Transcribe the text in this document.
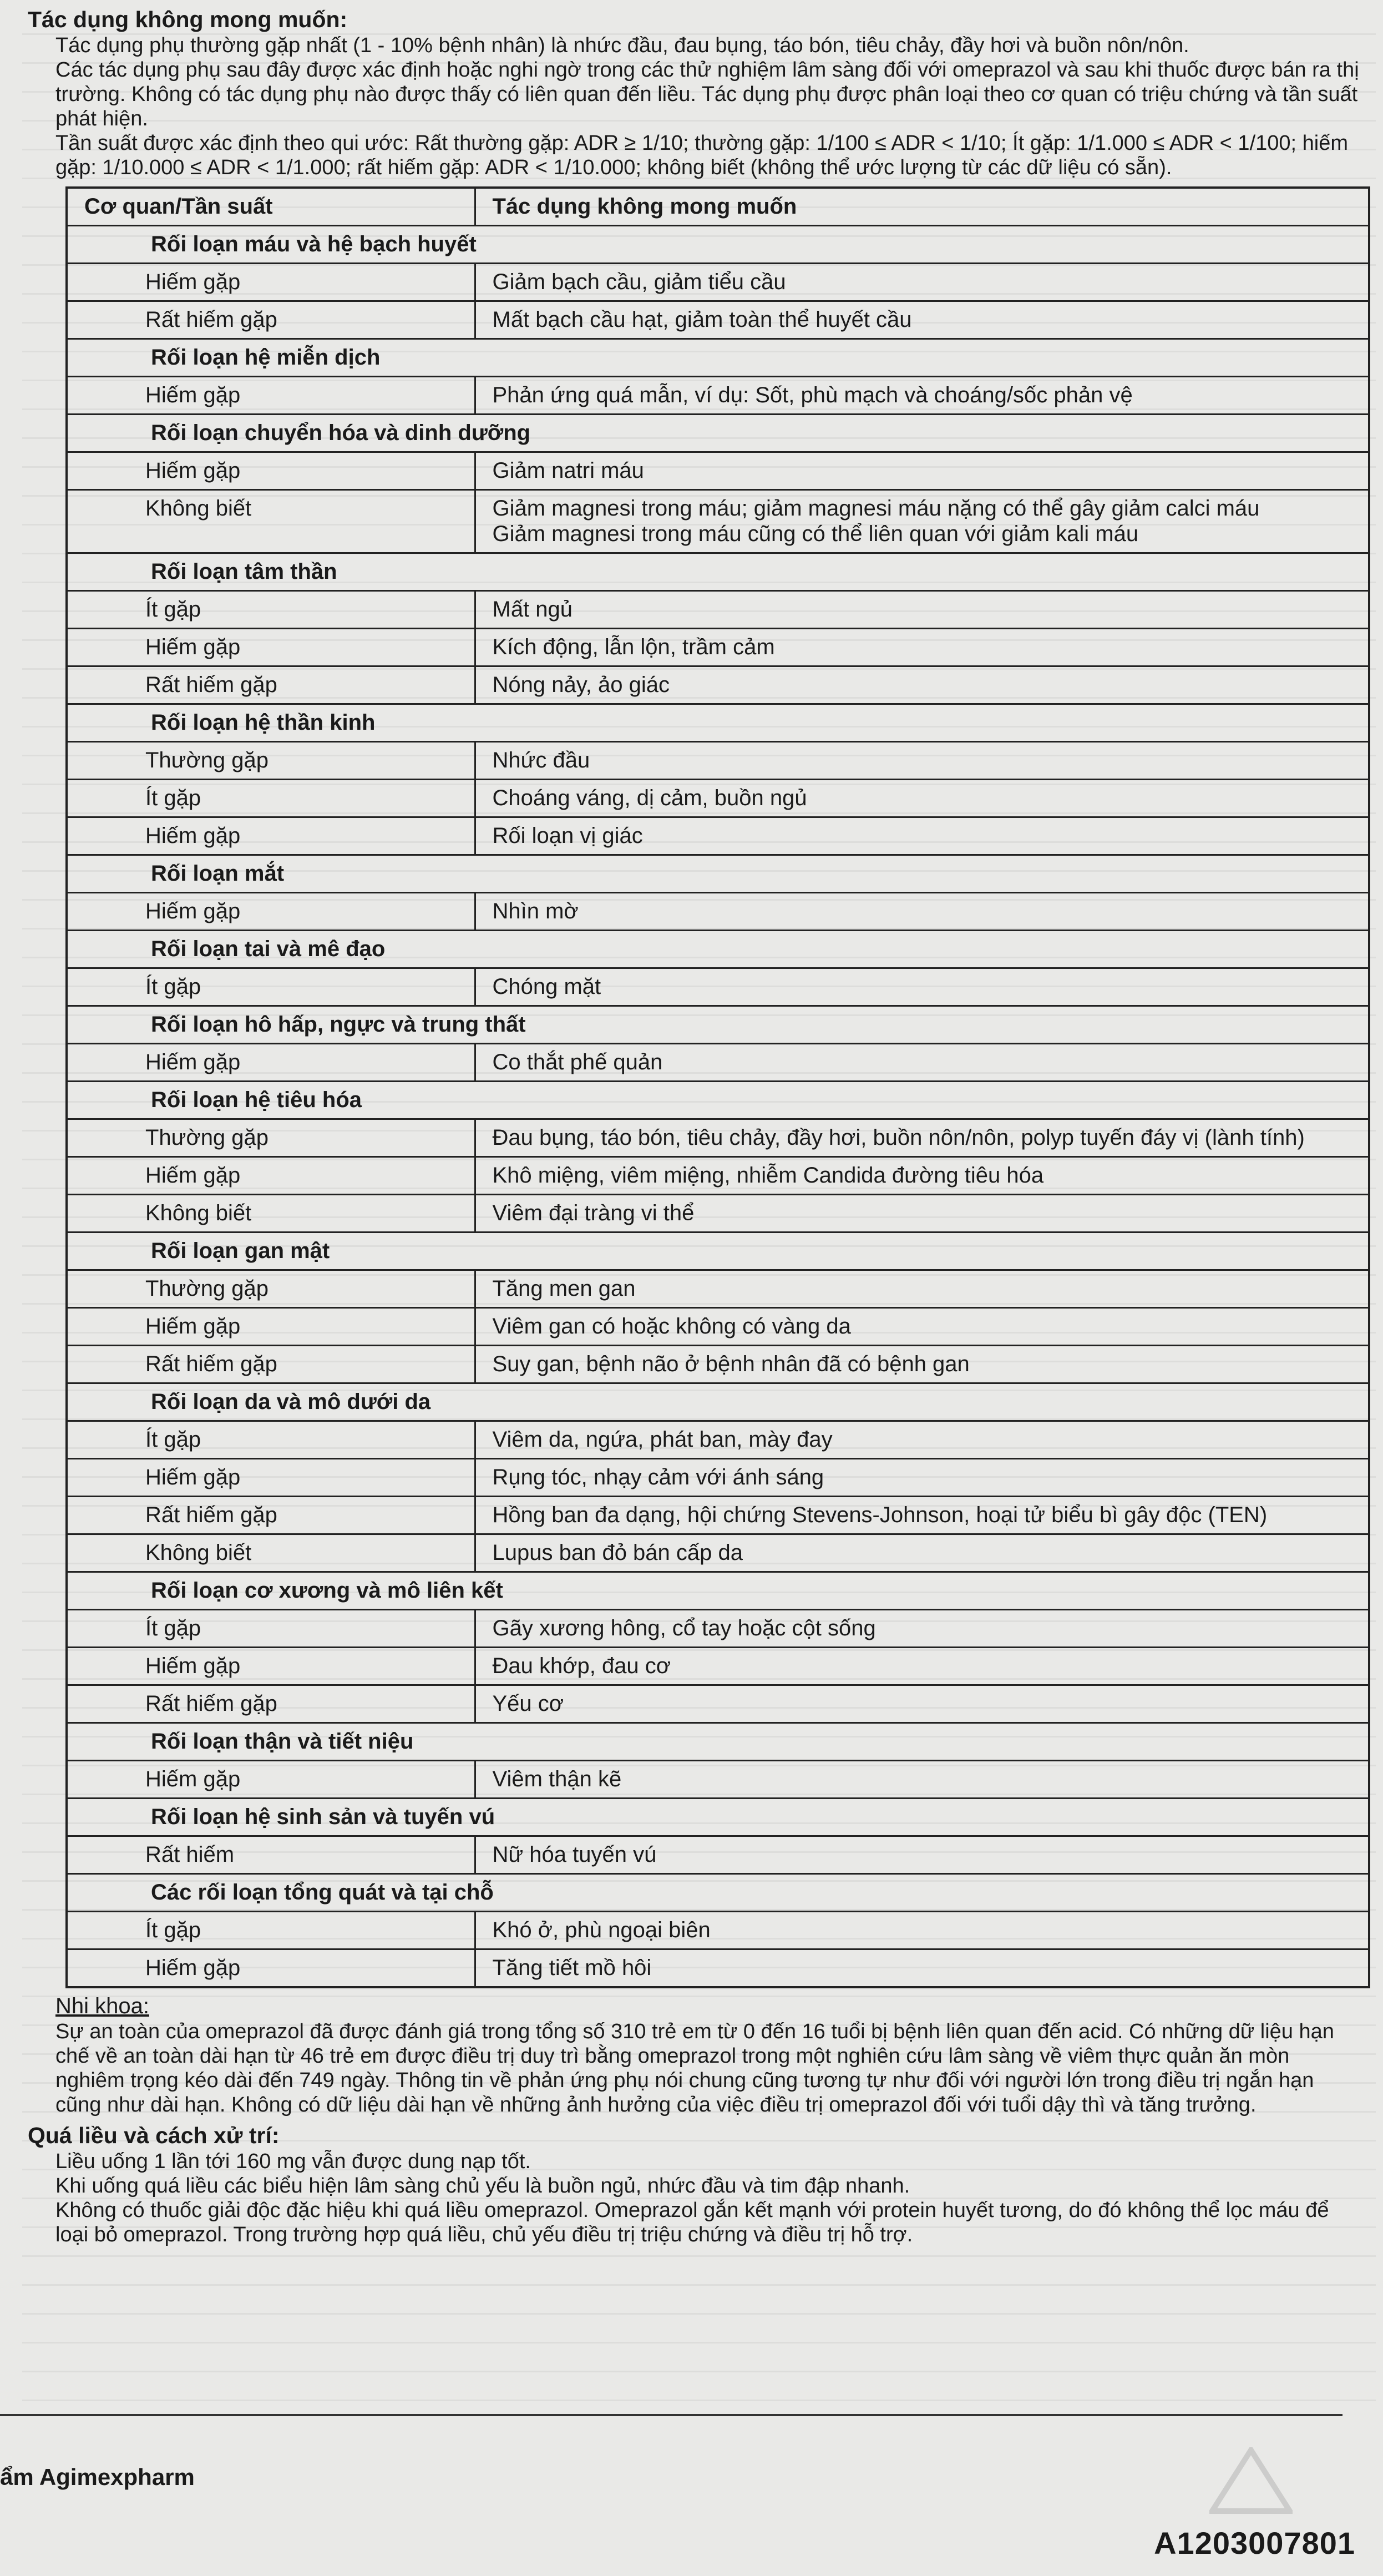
Tác dụng không mong muốn:

Tác dụng phụ thường gặp nhất (1 - 10% bệnh nhân) là nhức đầu, đau bụng, táo bón, tiêu chảy, đầy hơi và buồn nôn/nôn.

Các tác dụng phụ sau đây được xác định hoặc nghi ngờ trong các thử nghiệm lâm sàng đối với omeprazol và sau khi thuốc được bán ra thị trường. Không có tác dụng phụ nào được thấy có liên quan đến liều. Tác dụng phụ được phân loại theo cơ quan có triệu chứng và tần suất phát hiện.

Tần suất được xác định theo qui ước: Rất thường gặp: ADR ≥ 1/10; thường gặp: 1/100 ≤ ADR < 1/10; Ít gặp: 1/1.000 ≤ ADR < 1/100; hiếm gặp: 1/10.000 ≤ ADR < 1/1.000; rất hiếm gặp: ADR < 1/10.000; không biết (không thể ước lượng từ các dữ liệu có sẵn).

Cơ quan/Tần suất	Tác dụng không mong muốn
Rối loạn máu và hệ bạch huyết	
Hiếm gặp	Giảm bạch cầu, giảm tiểu cầu
Rất hiếm gặp	Mất bạch cầu hạt, giảm toàn thể huyết cầu
Rối loạn hệ miễn dịch	
Hiếm gặp	Phản ứng quá mẫn, ví dụ: Sốt, phù mạch và choáng/sốc phản vệ
Rối loạn chuyển hóa và dinh dưỡng	
Hiếm gặp	Giảm natri máu
Không biết	Giảm magnesi trong máu; giảm magnesi máu nặng có thể gây giảm calci máu
Giảm magnesi trong máu cũng có thể liên quan với giảm kali máu
Rối loạn tâm thần	
Ít gặp	Mất ngủ
Hiếm gặp	Kích động, lẫn lộn, trầm cảm
Rất hiếm gặp	Nóng nảy, ảo giác
Rối loạn hệ thần kinh	
Thường gặp	Nhức đầu
Ít gặp	Choáng váng, dị cảm, buồn ngủ
Hiếm gặp	Rối loạn vị giác
Rối loạn mắt	
Hiếm gặp	Nhìn mờ
Rối loạn tai và mê đạo	
Ít gặp	Chóng mặt
Rối loạn hô hấp, ngực và trung thất	
Hiếm gặp	Co thắt phế quản
Rối loạn hệ tiêu hóa	
Thường gặp	Đau bụng, táo bón, tiêu chảy, đầy hơi, buồn nôn/nôn, polyp tuyến đáy vị (lành tính)
Hiếm gặp	Khô miệng, viêm miệng, nhiễm Candida đường tiêu hóa
Không biết	Viêm đại tràng vi thể
Rối loạn gan mật	
Thường gặp	Tăng men gan
Hiếm gặp	Viêm gan có hoặc không có vàng da
Rất hiếm gặp	Suy gan, bệnh não ở bệnh nhân đã có bệnh gan
Rối loạn da và mô dưới da	
Ít gặp	Viêm da, ngứa, phát ban, mày đay
Hiếm gặp	Rụng tóc, nhạy cảm với ánh sáng
Rất hiếm gặp	Hồng ban đa dạng, hội chứng Stevens-Johnson, hoại tử biểu bì gây độc (TEN)
Không biết	Lupus ban đỏ bán cấp da
Rối loạn cơ xương và mô liên kết	
Ít gặp	Gãy xương hông, cổ tay hoặc cột sống
Hiếm gặp	Đau khớp, đau cơ
Rất hiếm gặp	Yếu cơ
Rối loạn thận và tiết niệu	
Hiếm gặp	Viêm thận kẽ
Rối loạn hệ sinh sản và tuyến vú	
Rất hiếm	Nữ hóa tuyến vú
Các rối loạn tổng quát và tại chỗ	
Ít gặp	Khó ở, phù ngoại biên
Hiếm gặp	Tăng tiết mồ hôi

Nhi khoa:

Sự an toàn của omeprazol đã được đánh giá trong tổng số 310 trẻ em từ 0 đến 16 tuổi bị bệnh liên quan đến acid. Có những dữ liệu hạn chế về an toàn dài hạn từ 46 trẻ em được điều trị duy trì bằng omeprazol trong một nghiên cứu lâm sàng về viêm thực quản ăn mòn nghiêm trọng kéo dài đến 749 ngày. Thông tin về phản ứng phụ nói chung cũng tương tự như đối với người lớn trong điều trị ngắn hạn cũng như dài hạn. Không có dữ liệu dài hạn về những ảnh hưởng của việc điều trị omeprazol đối với tuổi dậy thì và tăng trưởng.

Quá liều và cách xử trí:

Liều uống 1 lần tới 160 mg vẫn được dung nạp tốt.

Khi uống quá liều các biểu hiện lâm sàng chủ yếu là buồn ngủ, nhức đầu và tim đập nhanh.

Không có thuốc giải độc đặc hiệu khi quá liều omeprazol. Omeprazol gắn kết mạnh với protein huyết tương, do đó không thể lọc máu để loại bỏ omeprazol. Trong trường hợp quá liều, chủ yếu điều trị triệu chứng và điều trị hỗ trợ.

ẩm Agimexpharm
A1203007801
